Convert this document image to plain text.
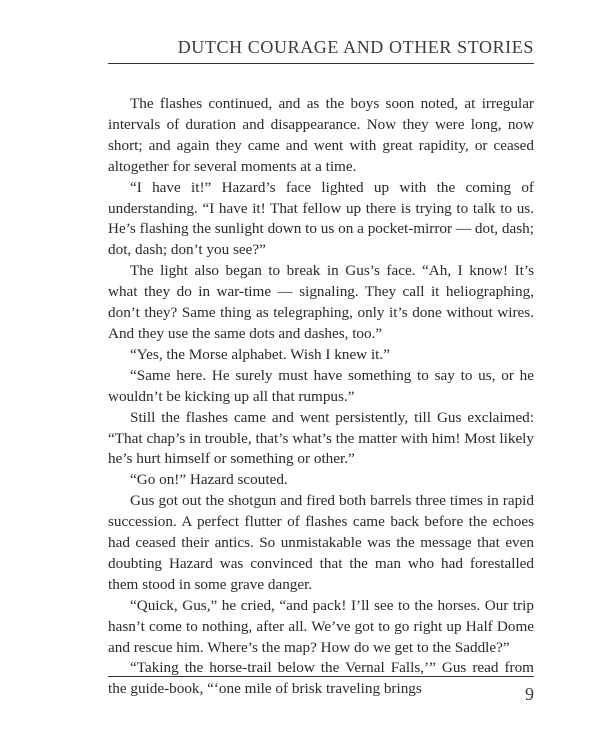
DUTCH COURAGE AND OTHER STORIES

The flashes continued, and as the boys soon noted, at irregular intervals of duration and disappearance. Now they were long, now short; and again they came and went with great rapidity, or ceased altogether for several moments at a time.

“I have it!” Hazard’s face lighted up with the coming of understanding. “I have it! That fellow up there is trying to talk to us. He’s flashing the sunlight down to us on a pocket-mirror — dot, dash; dot, dash; don’t you see?”

The light also began to break in Gus’s face. “Ah, I know! It’s what they do in war-time — signaling. They call it heliographing, don’t they? Same thing as telegraphing, only it’s done without wires. And they use the same dots and dashes, too.”

“Yes, the Morse alphabet. Wish I knew it.”

“Same here. He surely must have something to say to us, or he wouldn’t be kicking up all that rumpus.”

Still the flashes came and went persistently, till Gus exclaimed: “That chap’s in trouble, that’s what’s the matter with him! Most likely he’s hurt himself or something or other.”

“Go on!” Hazard scouted.

Gus got out the shotgun and fired both barrels three times in rapid succession. A perfect flutter of flashes came back before the echoes had ceased their antics. So unmistakable was the message that even doubting Hazard was convinced that the man who had forestalled them stood in some grave danger.

“Quick, Gus,” he cried, “and pack! I’ll see to the horses. Our trip hasn’t come to nothing, after all. We’ve got to go right up Half Dome and rescue him. Where’s the map? How do we get to the Saddle?”

“Taking the horse-trail below the Vernal Falls,’” Gus read from the guide-book, “‘one mile of brisk traveling brings	9
